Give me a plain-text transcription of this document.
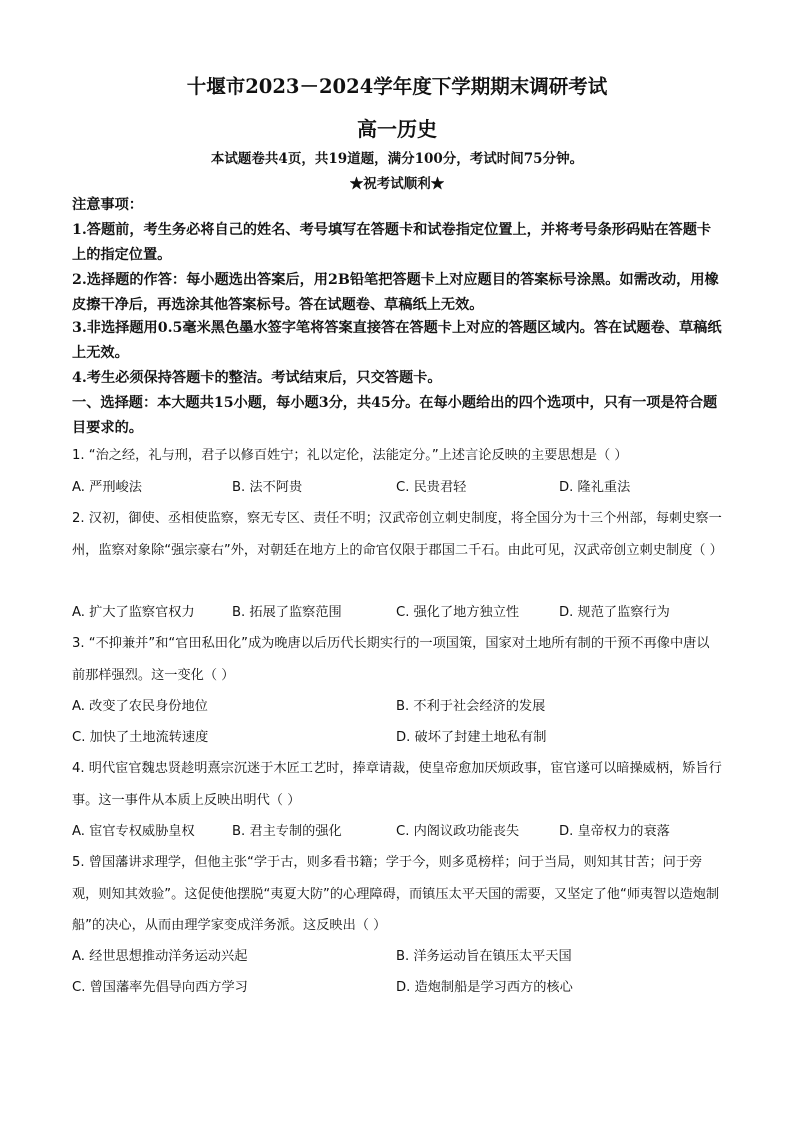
十堰市2023－2024学年度下学期期末调研考试
高一历史
本试题卷共4页，共19道题，满分100分，考试时间75分钟。
★祝考试顺利★
注意事项：
1.答题前，考生务必将自己的姓名、考号填写在答题卡和试卷指定位置上，并将考号条形码贴在答题卡上的指定位置。
2.选择题的作答：每小题选出答案后，用2B铅笔把答题卡上对应题目的答案标号涂黑。如需改动，用橡皮擦干净后，再选涂其他答案标号。答在试题卷、草稿纸上无效。
3.非选择题用0.5毫米黑色墨水签字笔将答案直接答在答题卡上对应的答题区域内。答在试题卷、草稿纸上无效。
4.考生必须保持答题卡的整洁。考试结束后，只交答题卡。
一、选择题：本大题共15小题，每小题3分，共45分。在每小题给出的四个选项中，只有一项是符合题目要求的。
1. “治之经，礼与刑，君子以修百姓宁；礼以定伦，法能定分。”上述言论反映的主要思想是（ ）
A. 严刑峻法	B. 法不阿贵	C. 民贵君轻	D. 隆礼重法
2. 汉初，御使、丞相使监察，察无专区、责任不明；汉武帝创立刺史制度，将全国分为十三个州部，每刺史察一州，监察对象除“强宗豪右”外，对朝廷在地方上的命官仅限于郡国二千石。由此可见，汉武帝创立刺史制度（ ）
A. 扩大了监察官权力	B. 拓展了监察范围	C. 强化了地方独立性	D. 规范了监察行为
3. “不抑兼并”和“官田私田化”成为晚唐以后历代长期实行的一项国策，国家对土地所有制的干预不再像中唐以前那样强烈。这一变化（ ）
A. 改变了农民身份地位	B. 不利于社会经济的发展
C. 加快了土地流转速度	D. 破坏了封建土地私有制
4. 明代宦官魏忠贤趁明熹宗沉迷于木匠工艺时，捧章请裁，使皇帝愈加厌烦政事，宦官遂可以暗操威柄，矫旨行事。这一事件从本质上反映出明代（ ）
A. 宦官专权威胁皇权	B. 君主专制的强化	C. 内阁议政功能丧失	D. 皇帝权力的衰落
5. 曾国藩讲求理学，但他主张“学于古，则多看书籍；学于今，则多觅榜样；问于当局，则知其甘苦；问于旁观，则知其效验”。这促使他摆脱“夷夏大防”的心理障碍，而镇压太平天国的需要，又坚定了他“师夷智以造炮制船”的决心，从而由理学家变成洋务派。这反映出（ ）
A. 经世思想推动洋务运动兴起	B. 洋务运动旨在镇压太平天国
C. 曾国藩率先倡导向西方学习	D. 造炮制船是学习西方的核心
